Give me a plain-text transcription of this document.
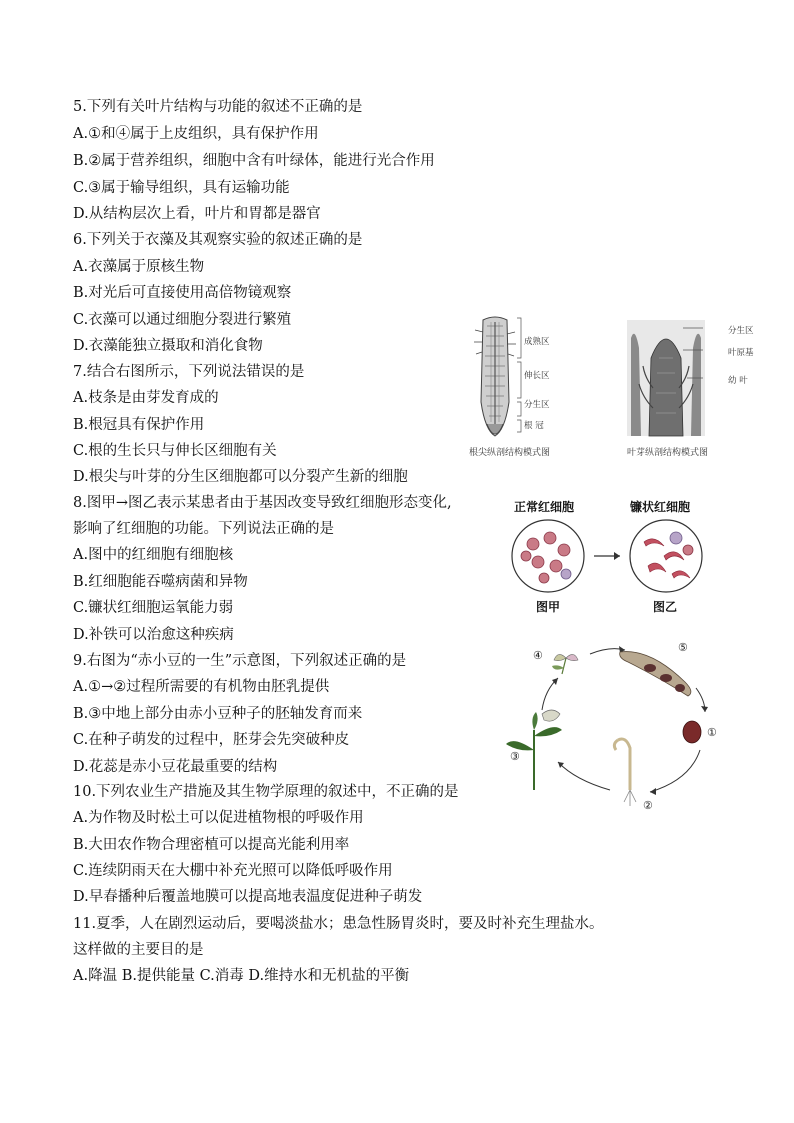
5.下列有关叶片结构与功能的叙述不正确的是
A.①和④属于上皮组织，具有保护作用
B.②属于营养组织，细胞中含有叶绿体，能进行光合作用
C.③属于输导组织，具有运输功能
D.从结构层次上看，叶片和胃都是器官
6.下列关于衣藻及其观察实验的叙述正确的是
A.衣藻属于原核生物
B.对光后可直接使用高倍物镜观察
C.衣藻可以通过细胞分裂进行繁殖
D.衣藻能独立摄取和消化食物
7.结合右图所示，下列说法错误的是
A.枝条是由芽发育成的
B.根冠具有保护作用
C.根的生长只与伸长区细胞有关
D.根尖与叶芽的分生区细胞都可以分裂产生新的细胞
8.图甲→图乙表示某患者由于基因改变导致红细胞形态变化,
影响了红细胞的功能。下列说法正确的是
A.图中的红细胞有细胞核
B.红细胞能吞噬病菌和异物
C.镰状红细胞运氧能力弱
D.补铁可以治愈这种疾病
9.右图为“赤小豆的一生”示意图，下列叙述正确的是
A.①→②过程所需要的有机物由胚乳提供
B.③中地上部分由赤小豆种子的胚轴发育而来
C.在种子萌发的过程中，胚芽会先突破种皮
D.花蕊是赤小豆花最重要的结构
10.下列农业生产措施及其生物学原理的叙述中，不正确的是
A.为作物及时松土可以促进植物根的呼吸作用
B.大田农作物合理密植可以提高光能利用率
C.连续阴雨天在大棚中补充光照可以降低呼吸作用
D.早春播种后覆盖地膜可以提高地表温度促进种子萌发
11.夏季，人在剧烈运动后，要喝淡盐水；患急性肠胃炎时，要及时补充生理盐水。
这样做的主要目的是
A.降温 B.提供能量 C.消毒 D.维持水和无机盐的平衡
成熟区
伸长区
分生区
根 冠
根尖纵剖结构模式图
分生区
叶原基
幼 叶
叶芽纵剖结构模式图
正常红细胞	镰状红细胞
图甲	图乙
④
⑤
①
②
③
